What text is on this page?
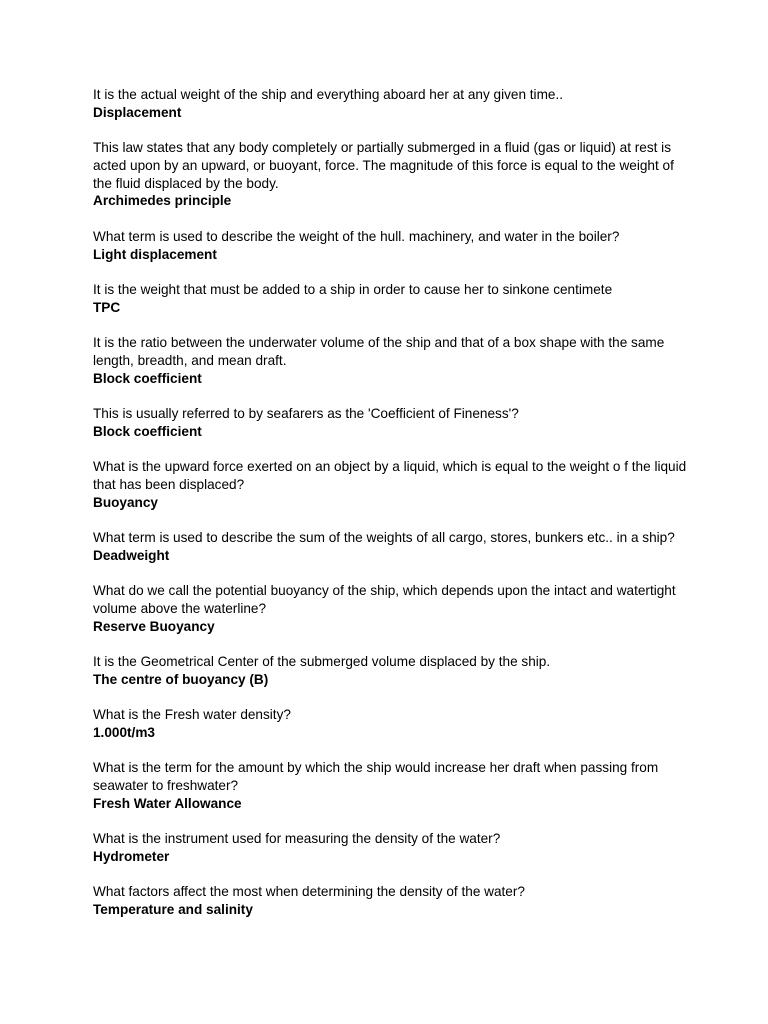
It is the actual weight of the ship and everything aboard her at any given time..

Displacement

This law states that any body completely or partially submerged in a fluid (gas or liquid) at rest is acted upon by an upward, or buoyant, force. The magnitude of this force is equal to the weight of the fluid displaced by the body.

Archimedes principle

What term is used to describe the weight of the hull. machinery, and water in the boiler?

Light displacement

It is the weight that must be added to a ship in order to cause her to sinkone centimete

TPC

It is the ratio between the underwater volume of the ship and that of a box shape with the same length, breadth, and mean draft.

Block coefficient

This is usually referred to by seafarers as the 'Coefficient of Fineness'?

Block coefficient

What is the upward force exerted on an object by a liquid, which is equal to the weight o f the liquid that has been displaced?

Buoyancy

What term is used to describe the sum of the weights of all cargo, stores, bunkers etc.. in a ship?

Deadweight

What do we call the potential buoyancy of the ship, which depends upon the intact and watertight volume above the waterline?

Reserve Buoyancy

It is the Geometrical Center of the submerged volume displaced by the ship.

The centre of buoyancy (B)

What is the Fresh water density?

1.000t/m3

What is the term for the amount by which the ship would increase her draft when passing from seawater to freshwater?

Fresh Water Allowance

What is the instrument used for measuring the density of the water?

Hydrometer

What factors affect the most when determining the density of the water?

Temperature and salinity
